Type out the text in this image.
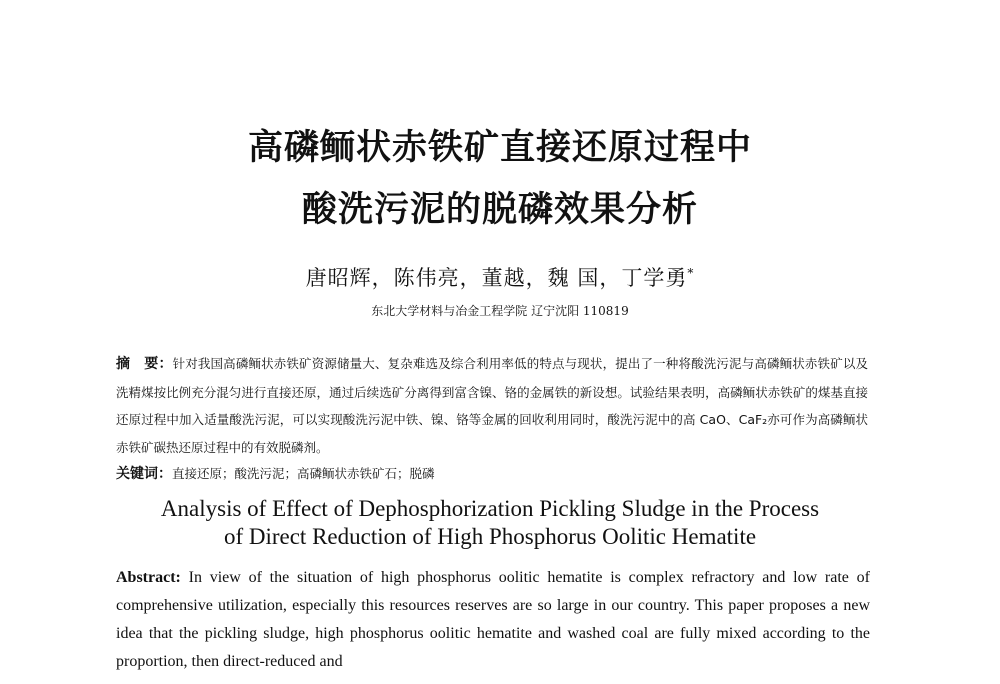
高磷鲕状赤铁矿直接还原过程中
酸洗污泥的脱磷效果分析
唐昭辉，陈伟亮，董越，魏 国，丁学勇*
东北大学材料与冶金工程学院 辽宁沈阳 110819
摘　要：针对我国高磷鲕状赤铁矿资源储量大、复杂难选及综合利用率低的特点与现状，提出了一种将酸洗污泥与高磷鲕状赤铁矿以及洗精煤按比例充分混匀进行直接还原，通过后续选矿分离得到富含镍、铬的金属铁的新设想。试验结果表明，高磷鲕状赤铁矿的煤基直接还原过程中加入适量酸洗污泥，可以实现酸洗污泥中铁、镍、铬等金属的回收利用同时，酸洗污泥中的高 CaO、CaF₂亦可作为高磷鲕状赤铁矿碳热还原过程中的有效脱磷剂。
关键词：直接还原；酸洗污泥；高磷鲕状赤铁矿石；脱磷
Analysis of Effect of Dephosphorization Pickling Sludge in the Process
of Direct Reduction of High Phosphorus Oolitic Hematite
Abstract: In view of the situation of high phosphorus oolitic hematite is complex refractory and low rate of comprehensive utilization, especially this resources reserves are so large in our country. This paper proposes a new idea that the pickling sludge, high phosphorus oolitic hematite and washed coal are fully mixed according to the proportion, then direct-reduced and
